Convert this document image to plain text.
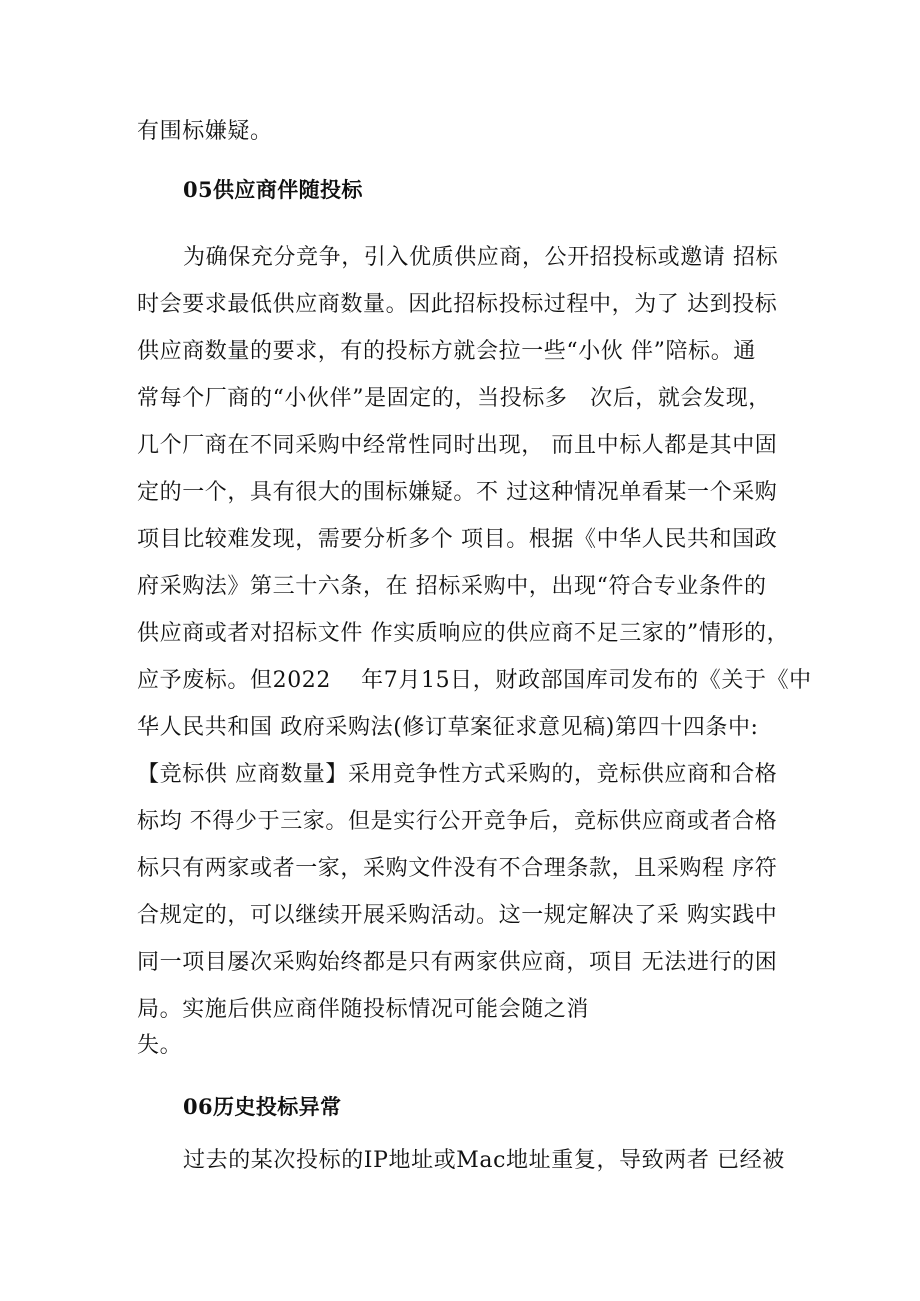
有围标嫌疑。
05供应商伴随投标
为确保充分竞争，引入优质供应商，公开招投标或邀请 招标
时会要求最低供应商数量。因此招标投标过程中，为了 达到投标
供应商数量的要求，有的投标方就会拉一些“小伙 伴”陪标。通
常每个厂商的“小伙伴”是固定的，当投标多　次后，就会发现，
几个厂商在不同采购中经常性同时出现， 而且中标人都是其中固
定的一个，具有很大的围标嫌疑。不 过这种情况单看某一个采购
项目比较难发现，需要分析多个 项目。根据《中华人民共和国政
府采购法》第三十六条，在 招标采购中，出现“符合专业条件的
供应商或者对招标文件 作实质响应的供应商不足三家的”情形的，
应予废标。但2022　 年7月15日，财政部国库司发布的《关于《中
华人民共和国 政府采购法(修订草案征求意见稿)第四十四条中:
【竞标供 应商数量】采用竞争性方式采购的，竞标供应商和合格
标均 不得少于三家。但是实行公开竞争后，竞标供应商或者合格
标只有两家或者一家，采购文件没有不合理条款，且采购程 序符
合规定的，可以继续开展采购活动。这一规定解决了采 购实践中
同一项目屡次采购始终都是只有两家供应商，项目 无法进行的困
局。实施后供应商伴随投标情况可能会随之消
失。
06历史投标异常
过去的某次投标的IP地址或Mac地址重复，导致两者 已经被
